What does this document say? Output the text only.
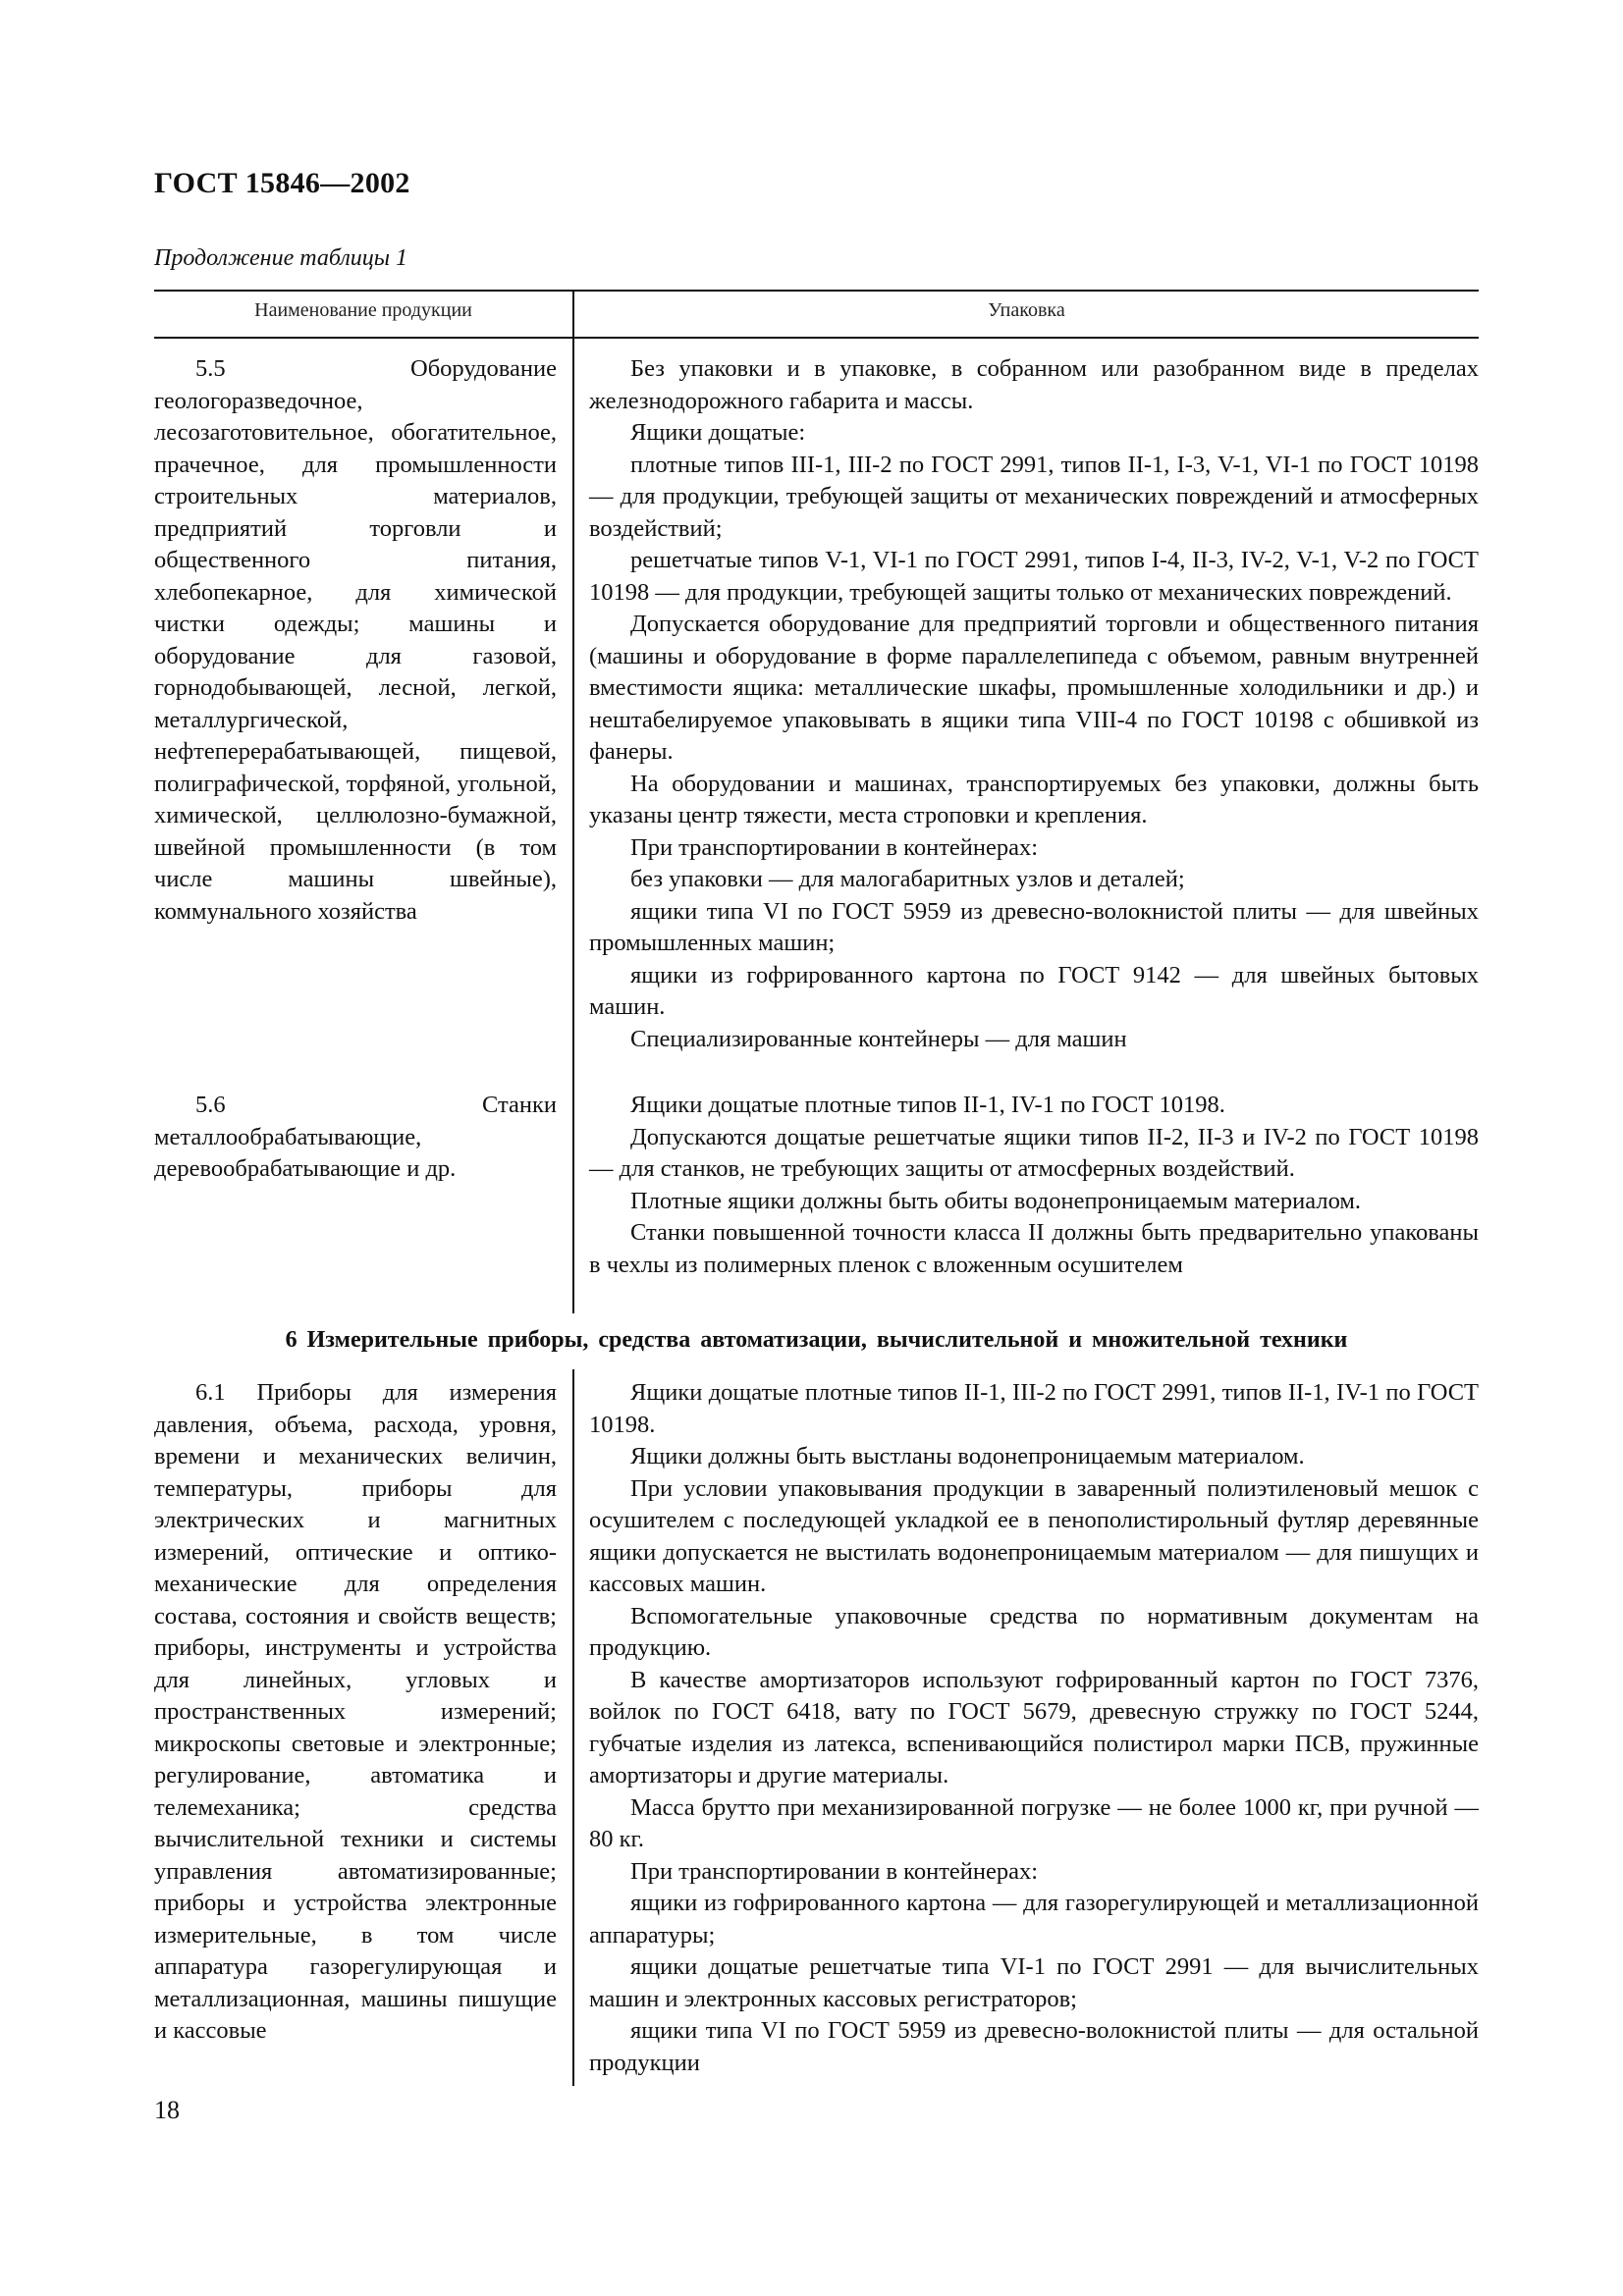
ГОСТ 15846—2002
Продолжение таблицы 1
Наименование продукции	Упаковка

5.5 Оборудование геологоразведочное, лесозаготовительное, обогатительное, прачечное, для промышленности строительных материалов, предприятий торговли и общественного питания, хлебопекарное, для химической чистки одежды; машины и оборудование для газовой, горнодобывающей, лесной, легкой, металлургической, нефтеперерабатывающей, пищевой, полиграфической, торфяной, угольной, химической, целлюлозно-бумажной, швейной промышленности (в том числе машины швейные), коммунального хозяйства

Без упаковки и в упаковке, в собранном или разобранном виде в пределах железнодорожного габарита и массы.

Ящики дощатые:

плотные типов III-1, III-2 по ГОСТ 2991, типов II-1, I-3, V-1, VI-1 по ГОСТ 10198 — для продукции, требующей защиты от механических повреждений и атмосферных воздействий;

решетчатые типов V-1, VI-1 по ГОСТ 2991, типов I-4, II-3, IV-2, V-1, V-2 по ГОСТ 10198 — для продукции, требующей защиты только от механических повреждений.

Допускается оборудование для предприятий торговли и общественного питания (машины и оборудование в форме параллелепипеда с объемом, равным внутренней вместимости ящика: металлические шкафы, промышленные холодильники и др.) и нештабелируемое упаковывать в ящики типа VIII-4 по ГОСТ 10198 с обшивкой из фанеры.

На оборудовании и машинах, транспортируемых без упаковки, должны быть указаны центр тяжести, места строповки и крепления.

При транспортировании в контейнерах:

без упаковки — для малогабаритных узлов и деталей;

ящики типа VI по ГОСТ 5959 из древесно-волокнистой плиты — для швейных промышленных машин;

ящики из гофрированного картона по ГОСТ 9142 — для швейных бытовых машин.

Специализированные контейнеры — для машин

5.6 Станки металлообрабатывающие, деревообрабатывающие и др.

Ящики дощатые плотные типов II-1, IV-1 по ГОСТ 10198.

Допускаются дощатые решетчатые ящики типов II-2, II-3 и IV-2 по ГОСТ 10198 — для станков, не требующих защиты от атмосферных воздействий.

Плотные ящики должны быть обиты водонепроницаемым материалом.

Станки повышенной точности класса II должны быть предварительно упакованы в чехлы из полимерных пленок с вложенным осушителем

6 Измерительные приборы, средства автоматизации, вычислительной и множительной техники

6.1 Приборы для измерения давления, объема, расхода, уровня, времени и механических величин, температуры, приборы для электрических и магнитных измерений, оптические и оптико-механические для определения состава, состояния и свойств веществ; приборы, инструменты и устройства для линейных, угловых и пространственных измерений; микроскопы световые и электронные; регулирование, автоматика и телемеханика; средства вычислительной техники и системы управления автоматизированные; приборы и устройства электронные измерительные, в том числе аппаратура газорегулирующая и металлизационная, машины пишущие и кассовые

Ящики дощатые плотные типов II-1, III-2 по ГОСТ 2991, типов II-1, IV-1 по ГОСТ 10198.

Ящики должны быть выстланы водонепроницаемым материалом.

При условии упаковывания продукции в заваренный полиэтиленовый мешок с осушителем с последующей укладкой ее в пенополистирольный футляр деревянные ящики допускается не выстилать водонепроницаемым материалом — для пишущих и кассовых машин.

Вспомогательные упаковочные средства по нормативным документам на продукцию.

В качестве амортизаторов используют гофрированный картон по ГОСТ 7376, войлок по ГОСТ 6418, вату по ГОСТ 5679, древесную стружку по ГОСТ 5244, губчатые изделия из латекса, вспенивающийся полистирол марки ПСВ, пружинные амортизаторы и другие материалы.

Масса брутто при механизированной погрузке — не более 1000 кг, при ручной — 80 кг.

При транспортировании в контейнерах:

ящики из гофрированного картона — для газорегулирующей и металлизационной аппаратуры;

ящики дощатые решетчатые типа VI-1 по ГОСТ 2991 — для вычислительных машин и электронных кассовых регистраторов;

ящики типа VI по ГОСТ 5959 из древесно-волокнистой плиты — для остальной продукции

18
